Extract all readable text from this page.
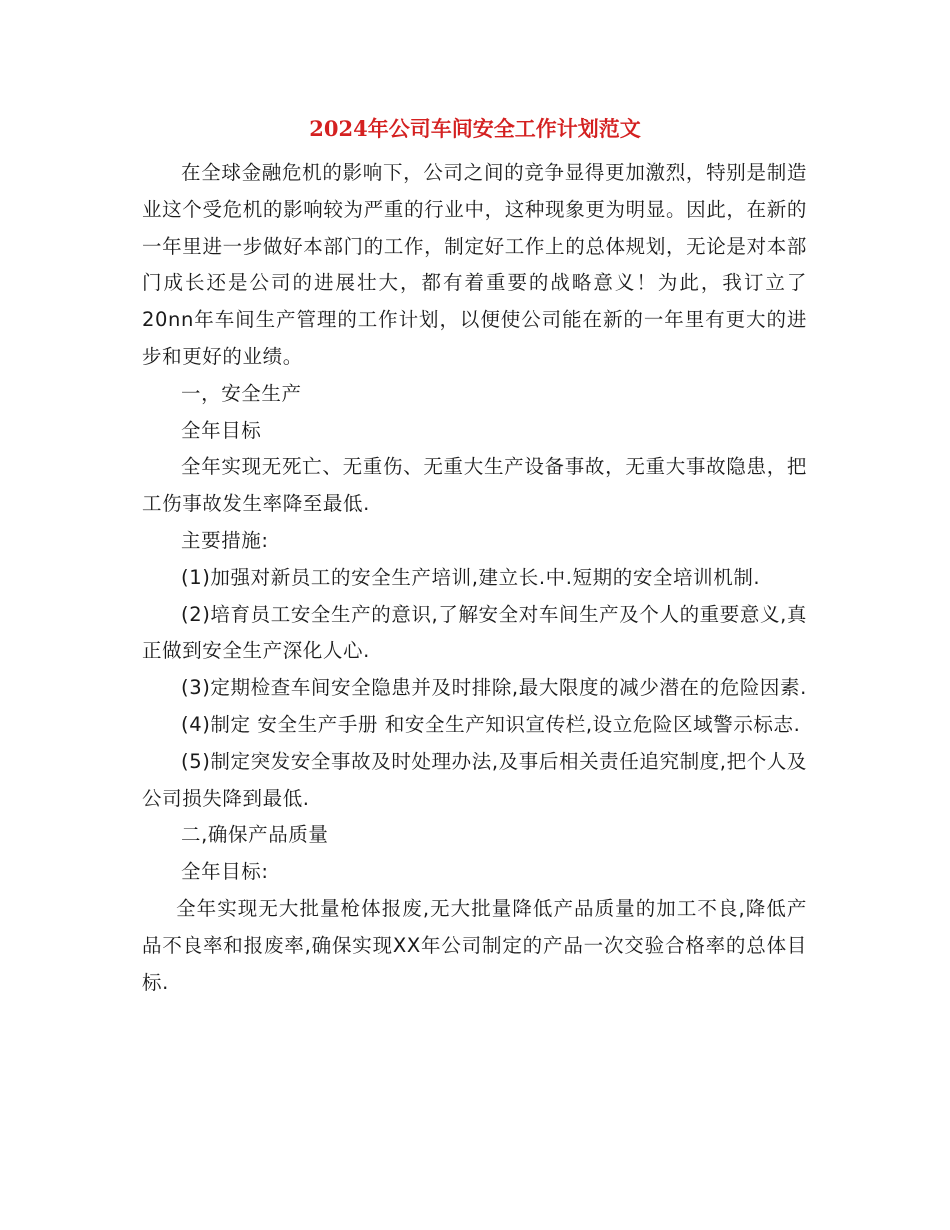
2024年公司车间安全工作计划范文

在全球金融危机的影响下，公司之间的竞争显得更加激烈，特别是制造业这个受危机的影响较为严重的行业中，这种现象更为明显。因此，在新的一年里进一步做好本部门的工作，制定好工作上的总体规划，无论是对本部门成长还是公司的进展壮大，都有着重要的战略意义！为此，我订立了20nn年车间生产管理的工作计划，以便使公司能在新的一年里有更大的进步和更好的业绩。

一，安全生产

全年目标

全年实现无死亡、无重伤、无重大生产设备事故，无重大事故隐患，把工伤事故发生率降至最低.

主要措施:

(1)加强对新员工的安全生产培训,建立长.中.短期的安全培训机制.

(2)培育员工安全生产的意识,了解安全对车间生产及个人的重要意义,真正做到安全生产深化人心.

(3)定期检查车间安全隐患并及时排除,最大限度的减少潜在的危险因素.

(4)制定 安全生产手册 和安全生产知识宣传栏,设立危险区域警示标志.

(5)制定突发安全事故及时处理办法,及事后相关责任追究制度,把个人及公司损失降到最低.

二,确保产品质量

全年目标:

全年实现无大批量枪体报废,无大批量降低产品质量的加工不良,降低产品不良率和报废率,确保实现XX年公司制定的产品一次交验合格率的总体目标.
